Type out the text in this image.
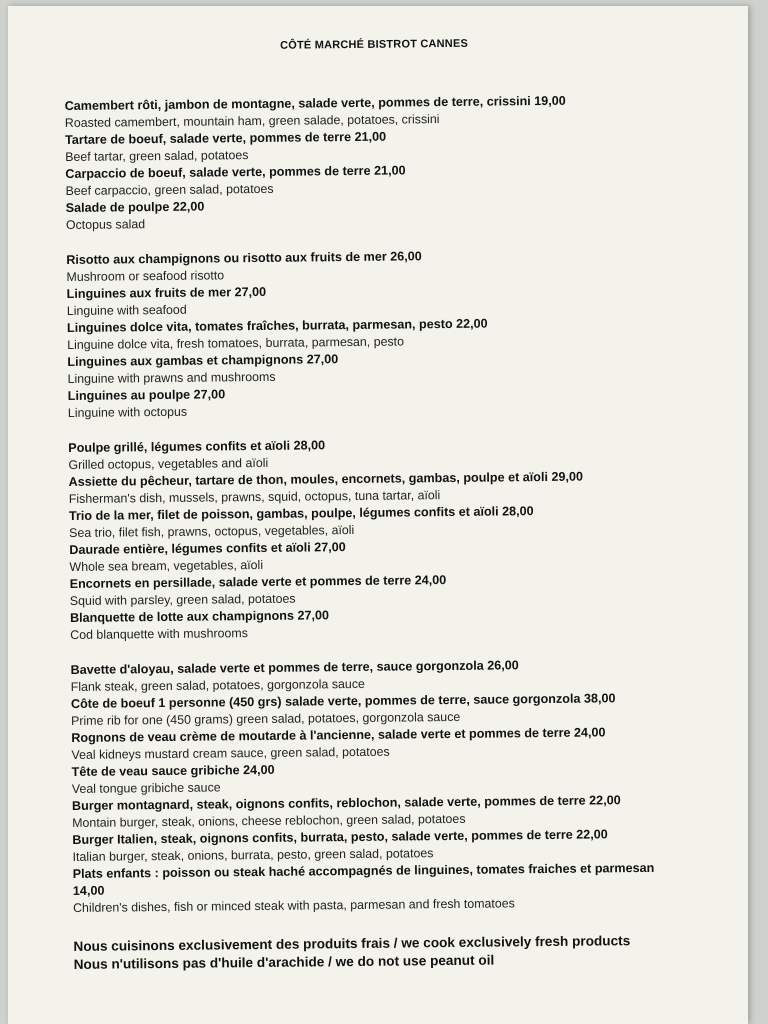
CÔTÉ MARCHÉ BISTROT CANNES
Camembert rôti, jambon de montagne, salade verte, pommes de terre, crissini 19,00
Roasted camembert, mountain ham, green salade, potatoes, crissini
Tartare de boeuf, salade verte, pommes de terre 21,00
Beef tartar, green salad, potatoes
Carpaccio de boeuf, salade verte, pommes de terre 21,00
Beef carpaccio, green salad, potatoes
Salade de poulpe 22,00
Octopus salad
Risotto aux champignons ou risotto aux fruits de mer 26,00
Mushroom or seafood risotto
Linguines aux fruits de mer 27,00
Linguine with seafood
Linguines dolce vita, tomates fraîches, burrata, parmesan, pesto 22,00
Linguine dolce vita, fresh tomatoes, burrata, parmesan, pesto
Linguines aux gambas et champignons 27,00
Linguine with prawns and mushrooms
Linguines au poulpe 27,00
Linguine with octopus
Poulpe grillé, légumes confits et aïoli 28,00
Grilled octopus, vegetables and aïoli
Assiette du pêcheur, tartare de thon, moules, encornets, gambas, poulpe et aïoli 29,00
Fisherman's dish, mussels, prawns, squid, octopus, tuna tartar, aïoli
Trio de la mer, filet de poisson, gambas, poulpe, légumes confits et aïoli 28,00
Sea trio, filet fish, prawns, octopus, vegetables, aïoli
Daurade entière, légumes confits et aïoli 27,00
Whole sea bream, vegetables, aïoli
Encornets en persillade, salade verte et pommes de terre 24,00
Squid with parsley, green salad, potatoes
Blanquette de lotte aux champignons 27,00
Cod blanquette with mushrooms
Bavette d'aloyau, salade verte et pommes de terre, sauce gorgonzola 26,00
Flank steak, green salad, potatoes, gorgonzola sauce
Côte de boeuf 1 personne (450 grs) salade verte, pommes de terre, sauce gorgonzola 38,00
Prime rib for one (450 grams) green salad, potatoes, gorgonzola sauce
Rognons de veau crème de moutarde à l'ancienne, salade verte et pommes de terre 24,00
Veal kidneys mustard cream sauce, green salad, potatoes
Tête de veau sauce gribiche 24,00
Veal tongue gribiche sauce
Burger montagnard, steak, oignons confits, reblochon, salade verte, pommes de terre 22,00
Montain burger, steak, onions, cheese reblochon, green salad, potatoes
Burger Italien, steak, oignons confits, burrata, pesto, salade verte, pommes de terre 22,00
Italian burger, steak, onions, burrata, pesto, green salad, potatoes
Plats enfants : poisson ou steak haché accompagnés de linguines, tomates fraiches et parmesan 14,00
Children's dishes, fish or minced steak with pasta, parmesan and fresh tomatoes
Nous cuisinons exclusivement des produits frais / we cook exclusively fresh products
Nous n'utilisons pas d'huile d'arachide / we do not use peanut oil
